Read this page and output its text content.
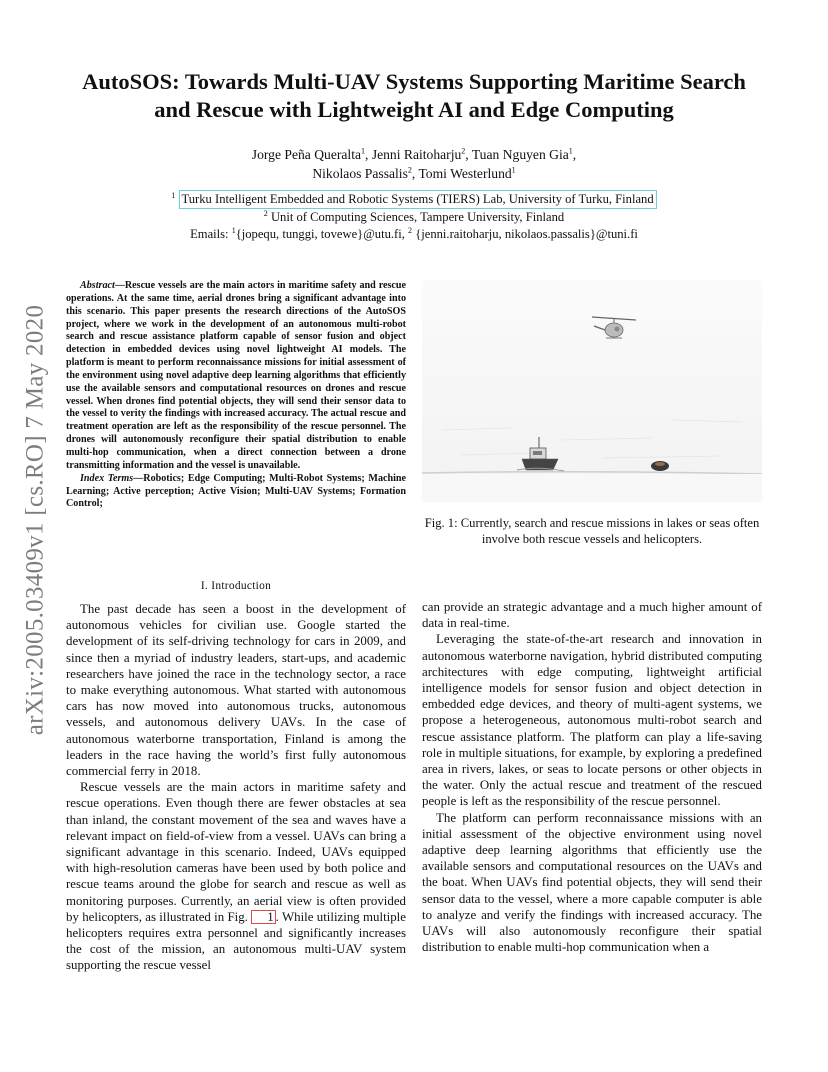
arXiv:2005.03409v1 [cs.RO] 7 May 2020
AutoSOS: Towards Multi-UAV Systems Supporting Maritime Search
and Rescue with Lightweight AI and Edge Computing
Jorge Peña Queralta$^1$, Jenni Raitoharju$^2$, Tuan Nguyen Gia$^1$,
Nikolaos Passalis$^2$, Tomi Westerlund$^1$
$^1$ Turku Intelligent Embedded and Robotic Systems (TIERS) Lab, University of Turku, Finland
$^2$ Unit of Computing Sciences, Tampere University, Finland
Emails: $^1${jopequ, tunggi, tovewe}@utu.fi, $^2$ {jenni.raitoharju, nikolaos.passalis}@tuni.fi

Abstract—Rescue vessels are the main actors in maritime safety and rescue operations. At the same time, aerial drones bring a significant advantage into this scenario. This paper presents the research directions of the AutoSOS project, where we work in the development of an autonomous multi-robot search and rescue assistance platform capable of sensor fusion and object detection in embedded devices using novel lightweight AI models. The platform is meant to perform reconnaissance missions for initial assessment of the environment using novel adaptive deep learning algorithms that efficiently use the available sensors and computational resources on drones and rescue vessel. When drones find potential objects, they will send their sensor data to the vessel to verity the findings with increased accuracy. The actual rescue and treatment operation are left as the responsibility of the rescue personnel. The drones will autonomously reconfigure their spatial distribution to enable multi-hop communication, when a direct connection between a drone transmitting information and the vessel is unavailable.

Index Terms—Robotics; Edge Computing; Multi-Robot Systems; Machine Learning; Active perception; Active Vision; Multi-UAV Systems; Formation Control;

I. Introduction

The past decade has seen a boost in the development of autonomous vehicles for civilian use. Google started the development of its self-driving technology for cars in 2009, and since then a myriad of industry leaders, start-ups, and academic researchers have joined the race in the technology sector, a race to make everything autonomous. What started with autonomous cars has now moved into autonomous trucks, autonomous vessels, and autonomous delivery UAVs. In the case of autonomous waterborne transportation, Finland is among the leaders in the race having the world’s first fully autonomous commercial ferry in 2018.

Rescue vessels are the main actors in maritime safety and rescue operations. Even though there are fewer obstacles at sea than inland, the constant movement of the sea and waves have a relevant impact on field-of-view from a vessel. UAVs can bring a significant advantage in this scenario. Indeed, UAVs equipped with high-resolution cameras have been used by both police and rescue teams around the globe for search and rescue as well as monitoring purposes. Currently, an aerial view is often provided by helicopters, as illustrated in Fig. 1 . While utilizing multiple helicopters requires extra personnel and significantly increases the cost of the mission, an autonomous multi-UAV system supporting the rescue vessel

Fig. 1: Currently, search and rescue missions in lakes or seas often involve both rescue vessels and helicopters.

can provide an strategic advantage and a much higher amount of data in real-time.

Leveraging the state-of-the-art research and innovation in autonomous waterborne navigation, hybrid distributed computing architectures with edge computing, lightweight artificial intelligence models for sensor fusion and object detection in embedded edge devices, and theory of multi-agent systems, we propose a heterogeneous, autonomous multi-robot search and rescue assistance platform. The platform can play a life-saving role in multiple situations, for example, by exploring a predefined area in rivers, lakes, or seas to locate persons or other objects in the water. Only the actual rescue and treatment of the rescued people is left as the responsibility of the rescue personnel.

The platform can perform reconnaissance missions with an initial assessment of the objective environment using novel adaptive deep learning algorithms that efficiently use the available sensors and computational resources on the UAVs and the boat. When UAVs find potential objects, they will send their sensor data to the vessel, where a more capable computer is able to analyze and verify the findings with increased accuracy. The UAVs will also autonomously reconfigure their spatial distribution to enable multi-hop communication when a
